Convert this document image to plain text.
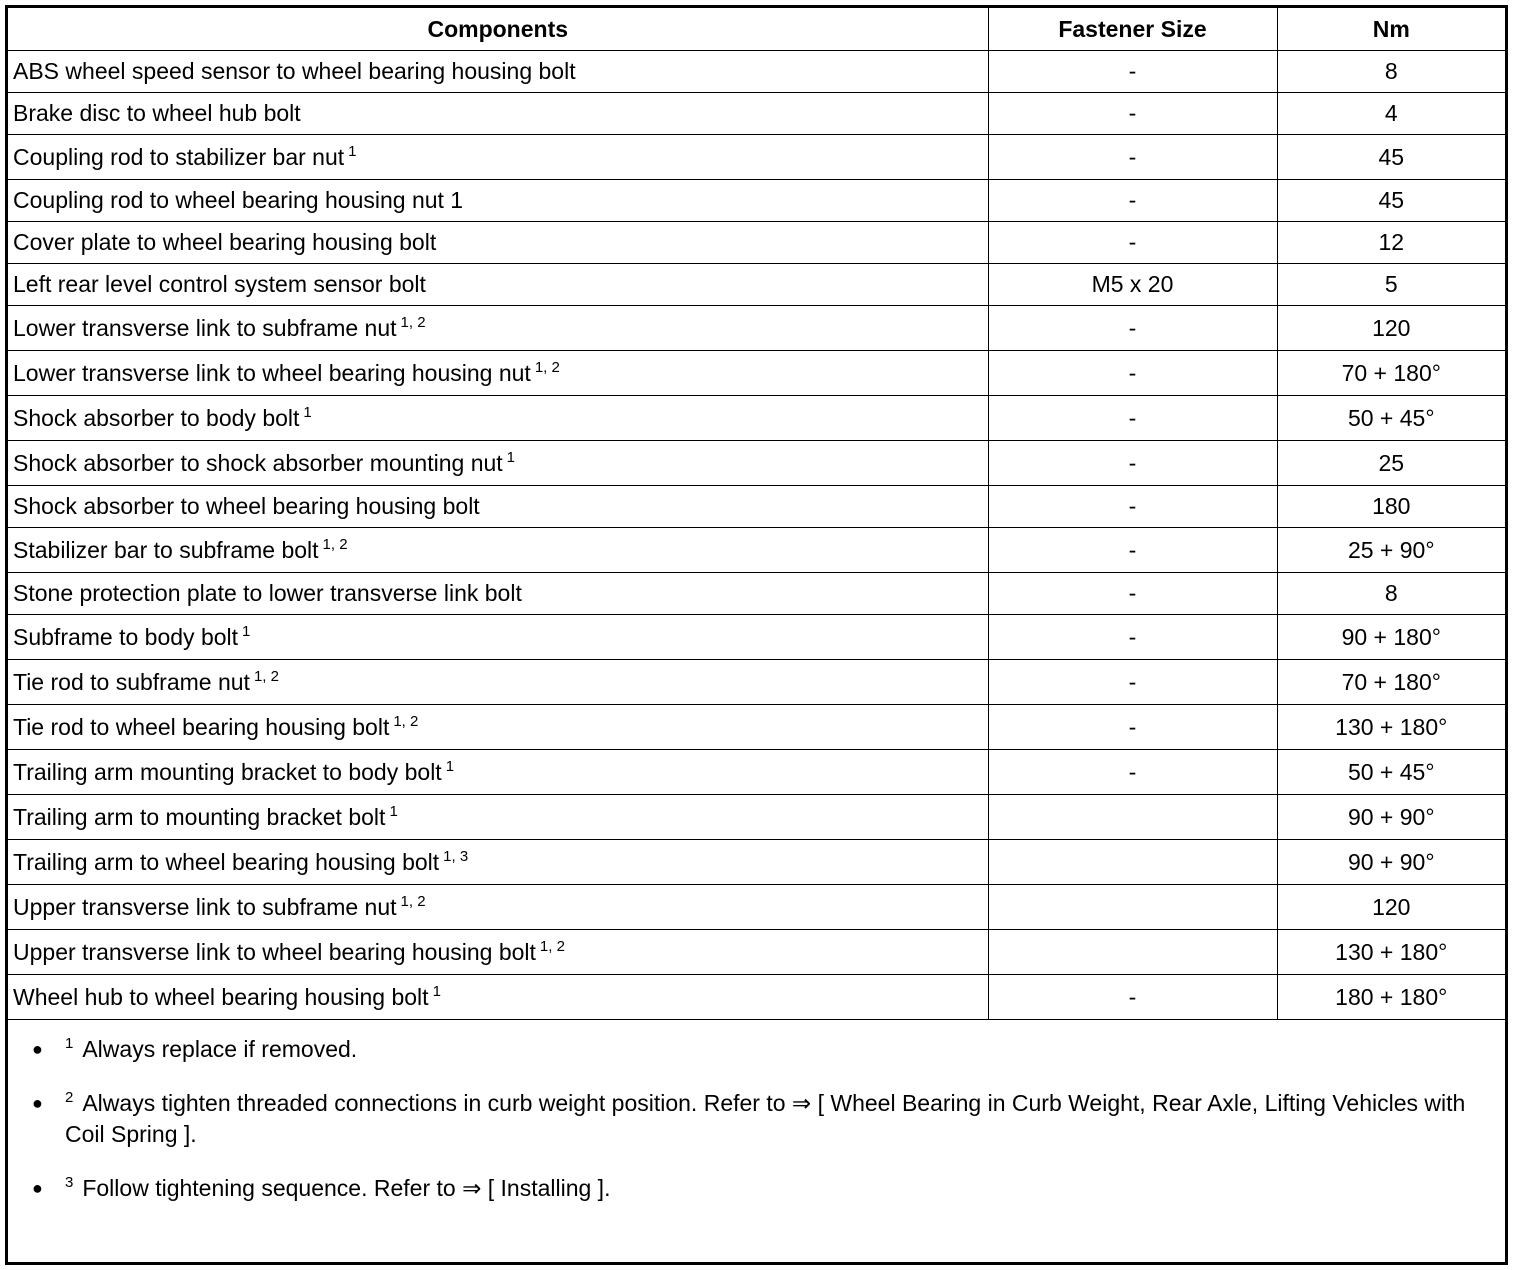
Components	Fastener Size	Nm
ABS wheel speed sensor to wheel bearing housing bolt	-	8
Brake disc to wheel hub bolt	-	4
Coupling rod to stabilizer bar nut $^1$	-	45
Coupling rod to wheel bearing housing nut 1	-	45
Cover plate to wheel bearing housing bolt	-	12
Left rear level control system sensor bolt	M5 x 20	5
Lower transverse link to subframe nut $^{1, 2}$	-	120
Lower transverse link to wheel bearing housing nut $^{1, 2}$	-	70 + 180°
Shock absorber to body bolt $^1$	-	50 + 45°
Shock absorber to shock absorber mounting nut $^1$	-	25
Shock absorber to wheel bearing housing bolt	-	180
Stabilizer bar to subframe bolt $^{1, 2}$	-	25 + 90°
Stone protection plate to lower transverse link bolt	-	8
Subframe to body bolt $^1$	-	90 + 180°
Tie rod to subframe nut $^{1, 2}$	-	70 + 180°
Tie rod to wheel bearing housing bolt $^{1, 2}$	-	130 + 180°
Trailing arm mounting bracket to body bolt $^1$	-	50 + 45°
Trailing arm to mounting bracket bolt $^1$		90 + 90°
Trailing arm to wheel bearing housing bolt $^{1, 3}$		90 + 90°
Upper transverse link to subframe nut $^{1, 2}$		120
Upper transverse link to wheel bearing housing bolt $^{1, 2}$		130 + 180°
Wheel hub to wheel bearing housing bolt $^1$	-	180 + 180°
●	$^1$ Always replace if removed.
●	$^2$ Always tighten threaded connections in curb weight position. Refer to ⇒ [ Wheel Bearing in Curb Weight, Rear Axle, Lifting Vehicles with Coil Spring ].
●	$^3$ Follow tightening sequence. Refer to ⇒ [ Installing ].
